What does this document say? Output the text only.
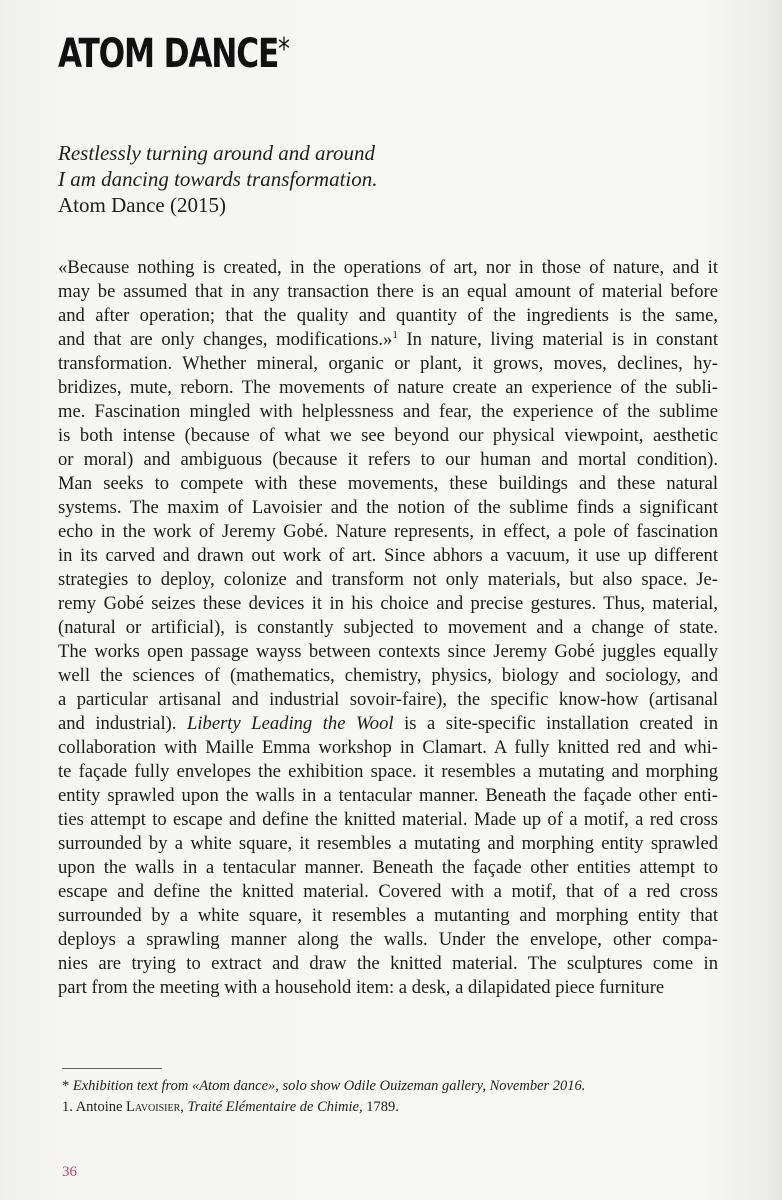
ATOM DANCE*
Restlessly turning around and around
I am dancing towards transformation.
Atom Dance (2015)
«Because nothing is created, in the operations of art, nor in those of nature, and it
may be assumed that in any transaction there is an equal amount of material before
and after operation; that the quality and quantity of the ingredients is the same,
and that are only changes, modifications.»$^1$ In nature, living material is in constant
transformation. Whether mineral, organic or plant, it grows, moves, declines, hy-
bridizes, mute, reborn. The movements of nature create an experience of the subli-
me. Fascination mingled with helplessness and fear, the experience of the sublime
is both intense (because of what we see beyond our physical viewpoint, aesthetic
or moral) and ambiguous (because it refers to our human and mortal condition).
Man seeks to compete with these movements, these buildings and these natural
systems. The maxim of Lavoisier and the notion of the sublime finds a significant
echo in the work of Jeremy Gobé. Nature represents, in effect, a pole of fascination
in its carved and drawn out work of art. Since abhors a vacuum, it use up different
strategies to deploy, colonize and transform not only materials, but also space. Je-
remy Gobé seizes these devices it in his choice and precise gestures. Thus, material,
(natural or artificial), is constantly subjected to movement and a change of state.
The works open passage wayss between contexts since Jeremy Gobé juggles equally
well the sciences of (mathematics, chemistry, physics, biology and sociology, and
a particular artisanal and industrial sovoir-faire), the specific know-how (artisanal
and industrial). Liberty Leading the Wool is a site-specific installation created in
collaboration with Maille Emma workshop in Clamart. A fully knitted red and whi-
te façade fully envelopes the exhibition space. it resembles a mutating and morphing
entity sprawled upon the walls in a tentacular manner. Beneath the façade other enti-
ties attempt to escape and define the knitted material. Made up of a motif, a red cross
surrounded by a white square, it resembles a mutating and morphing entity sprawled
upon the walls in a tentacular manner. Beneath the façade other entities attempt to
escape and define the knitted material. Covered with a motif, that of a red cross
surrounded by a white square, it resembles a mutanting and morphing entity that
deploys a sprawling manner along the walls. Under the envelope, other compa-
nies are trying to extract and draw the knitted material. The sculptures come in
part from the meeting with a household item: a desk, a dilapidated piece furniture
* Exhibition text from «Atom dance», solo show Odile Ouizeman gallery, November 2016.
1. Antoine Lavoisier, Traité Elémentaire de Chimie, 1789.
36
